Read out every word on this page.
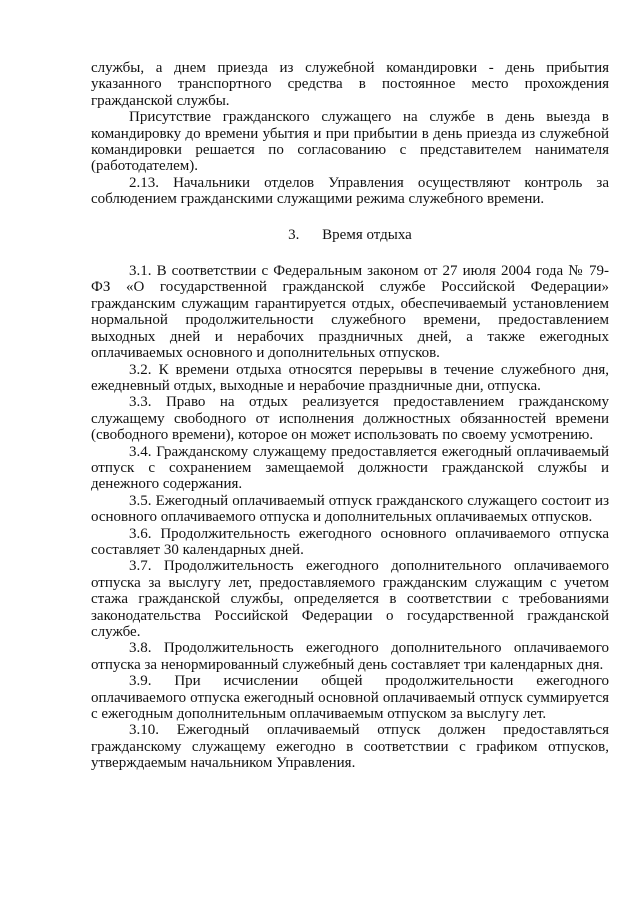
службы, а днем приезда из служебной командировки - день прибытия указанного транспортного средства в постоянное место прохождения гражданской службы.

Присутствие гражданского служащего на службе в день выезда в командировку до времени убытия и при прибытии в день приезда из служебной командировки решается по согласованию с представителем нанимателя (работодателем).

2.13. Начальники отделов Управления осуществляют контроль за соблюдением гражданскими служащими режима служебного времени.

3. Время отдыха

3.1. В соответствии с Федеральным законом от 27 июля 2004 года № 79-ФЗ «О государственной гражданской службе Российской Федерации» гражданским служащим гарантируется отдых, обеспечиваемый установлением нормальной продолжительности служебного времени, предоставлением выходных дней и нерабочих праздничных дней, а также ежегодных оплачиваемых основного и дополнительных отпусков.

3.2. К времени отдыха относятся перерывы в течение служебного дня, ежедневный отдых, выходные и нерабочие праздничные дни, отпуска.

3.3. Право на отдых реализуется предоставлением гражданскому служащему свободного от исполнения должностных обязанностей времени (свободного времени), которое он может использовать по своему усмотрению.

3.4. Гражданскому служащему предоставляется ежегодный оплачиваемый отпуск с сохранением замещаемой должности гражданской службы и денежного содержания.

3.5. Ежегодный оплачиваемый отпуск гражданского служащего состоит из основного оплачиваемого отпуска и дополнительных оплачиваемых отпусков.

3.6. Продолжительность ежегодного основного оплачиваемого отпуска составляет 30 календарных дней.

3.7. Продолжительность ежегодного дополнительного оплачиваемого отпуска за выслугу лет, предоставляемого гражданским служащим с учетом стажа гражданской службы, определяется в соответствии с требованиями законодательства Российской Федерации о государственной гражданской службе.

3.8. Продолжительность ежегодного дополнительного оплачиваемого отпуска за ненормированный служебный день составляет три календарных дня.

3.9. При исчислении общей продолжительности ежегодного оплачиваемого отпуска ежегодный основной оплачиваемый отпуск суммируется с ежегодным дополнительным оплачиваемым отпуском за выслугу лет.

3.10. Ежегодный оплачиваемый отпуск должен предоставляться гражданскому служащему ежегодно в соответствии с графиком отпусков, утверждаемым начальником Управления.
